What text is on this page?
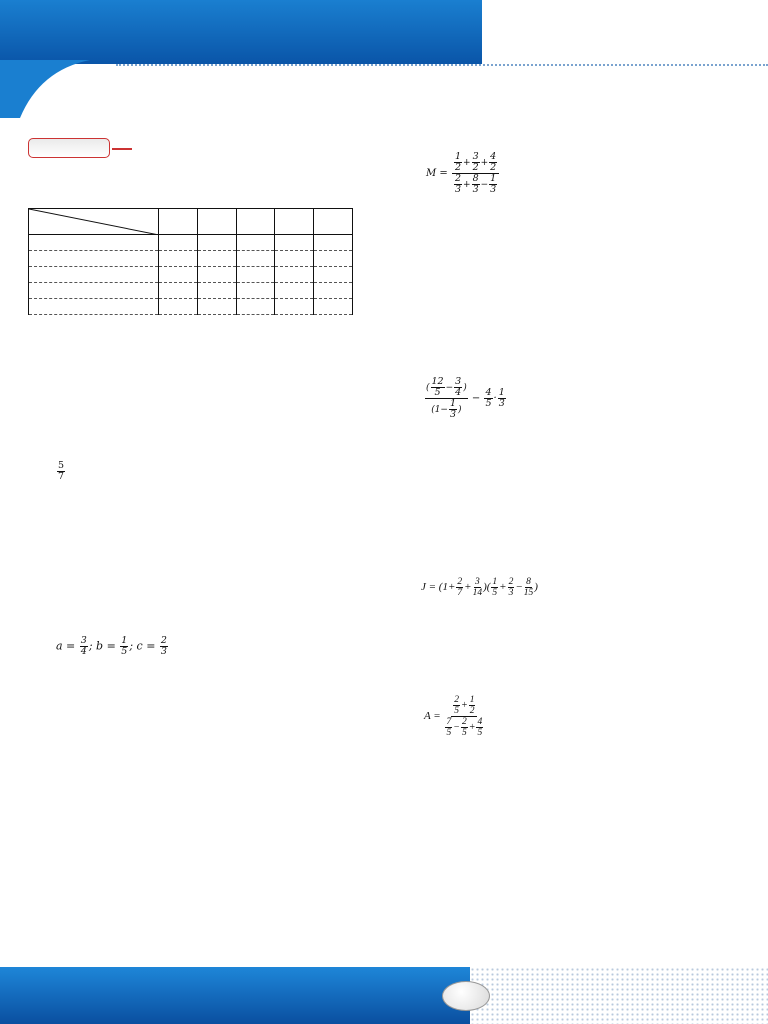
$\frac{5}{7}$
$a = \frac{3}{4}$ ; $b = \frac{1}{5}$ ; $c = \frac{2}{3}$
$M = \frac{\frac{1}{2} + \frac{3}{2} + \frac{4}{2}}{\frac{2}{3} + \frac{8}{3} - \frac{1}{3}}$
$\frac{( \frac{12}{5} - \frac{3}{4} )}{(1- \frac{1}{3} )} - \frac{4}{5} \cdot \frac{1}{3}$
$J = (1+ \frac{2}{7} + \frac{3}{14}$ )( $\frac{1}{5} + \frac{2}{3} - \frac{8}{15}$ )
$A = \frac{\frac{2}{5} + \frac{1}{2}}{\frac{7}{5} - \frac{2}{5} + \frac{4}{5}}$
